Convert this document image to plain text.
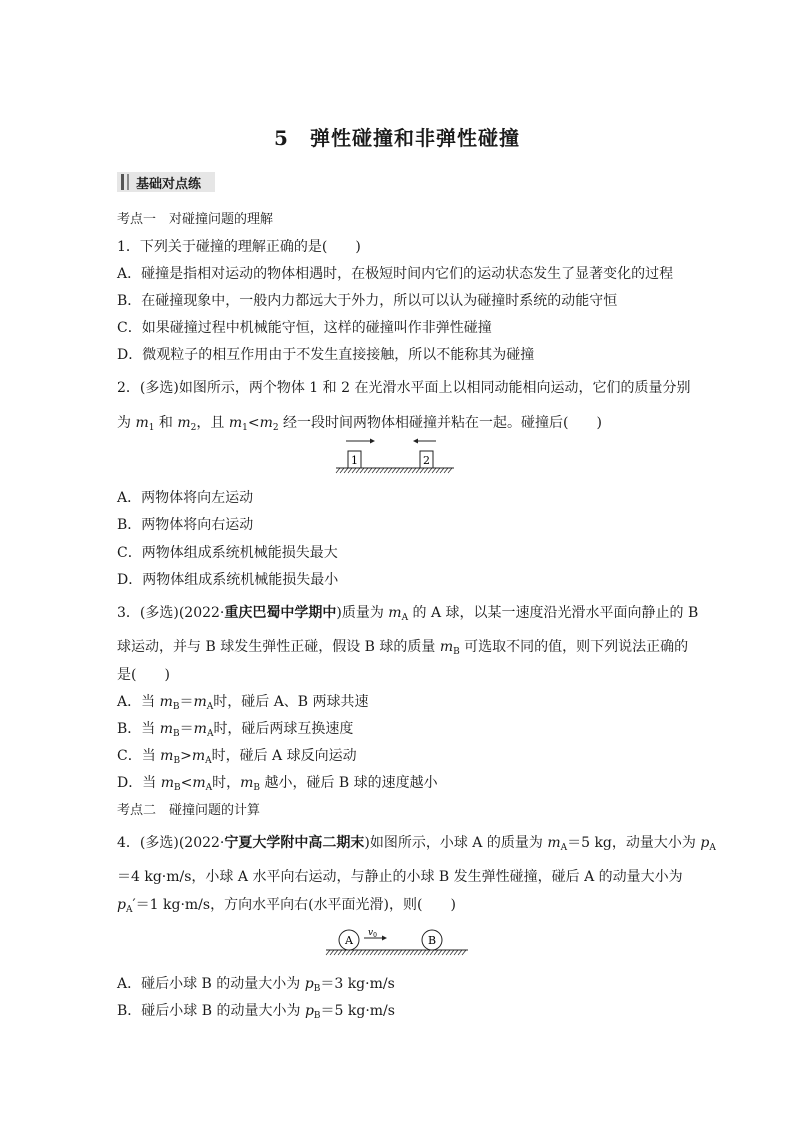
5　弹性碰撞和非弹性碰撞
基础对点练
考点一　对碰撞问题的理解
1．下列关于碰撞的理解正确的是(　　)
A．碰撞是指相对运动的物体相遇时，在极短时间内它们的运动状态发生了显著变化的过程
B．在碰撞现象中，一般内力都远大于外力，所以可以认为碰撞时系统的动能守恒
C．如果碰撞过程中机械能守恒，这样的碰撞叫作非弹性碰撞
D．微观粒子的相互作用由于不发生直接接触，所以不能称其为碰撞
2．(多选)如图所示，两个物体 1 和 2 在光滑水平面上以相同动能相向运动，它们的质量分别
为 $m_1$ 和 $m_2$，且 $m_1<m_2$ 经一段时间两物体相碰撞并粘在一起。碰撞后(　　)
1	2
A．两物体将向左运动
B．两物体将向右运动
C．两物体组成系统机械能损失最大
D．两物体组成系统机械能损失最小
3．(多选)(2022·重庆巴蜀中学期中)质量为 $m_A$ 的 A 球，以某一速度沿光滑水平面向静止的 B
球运动，并与 B 球发生弹性正碰，假设 B 球的质量 $m_B$ 可选取不同的值，则下列说法正确的
是(　　)
A．当 $m_B=m_A$时，碰后 A、B 两球共速
B．当 $m_B=m_A$时，碰后两球互换速度
C．当 $m_B>m_A$时，碰后 A 球反向运动
D．当 $m_B<m_A$时，$m_B$ 越小，碰后 B 球的速度越小
考点二　碰撞问题的计算
4．(多选)(2022·宁夏大学附中高二期末)如图所示，小球 A 的质量为 $m_A=5$ kg，动量大小为 $p_A$
＝4 kg·m/s，小球 A 水平向右运动，与静止的小球 B 发生弹性碰撞，碰后 A 的动量大小为
$p_A'=1$ kg·m/s，方向水平向右(水平面光滑)，则(　　)
A	B
$v_0$
A．碰后小球 B 的动量大小为 $p_B=3$ kg·m/s
B．碰后小球 B 的动量大小为 $p_B=5$ kg·m/s
